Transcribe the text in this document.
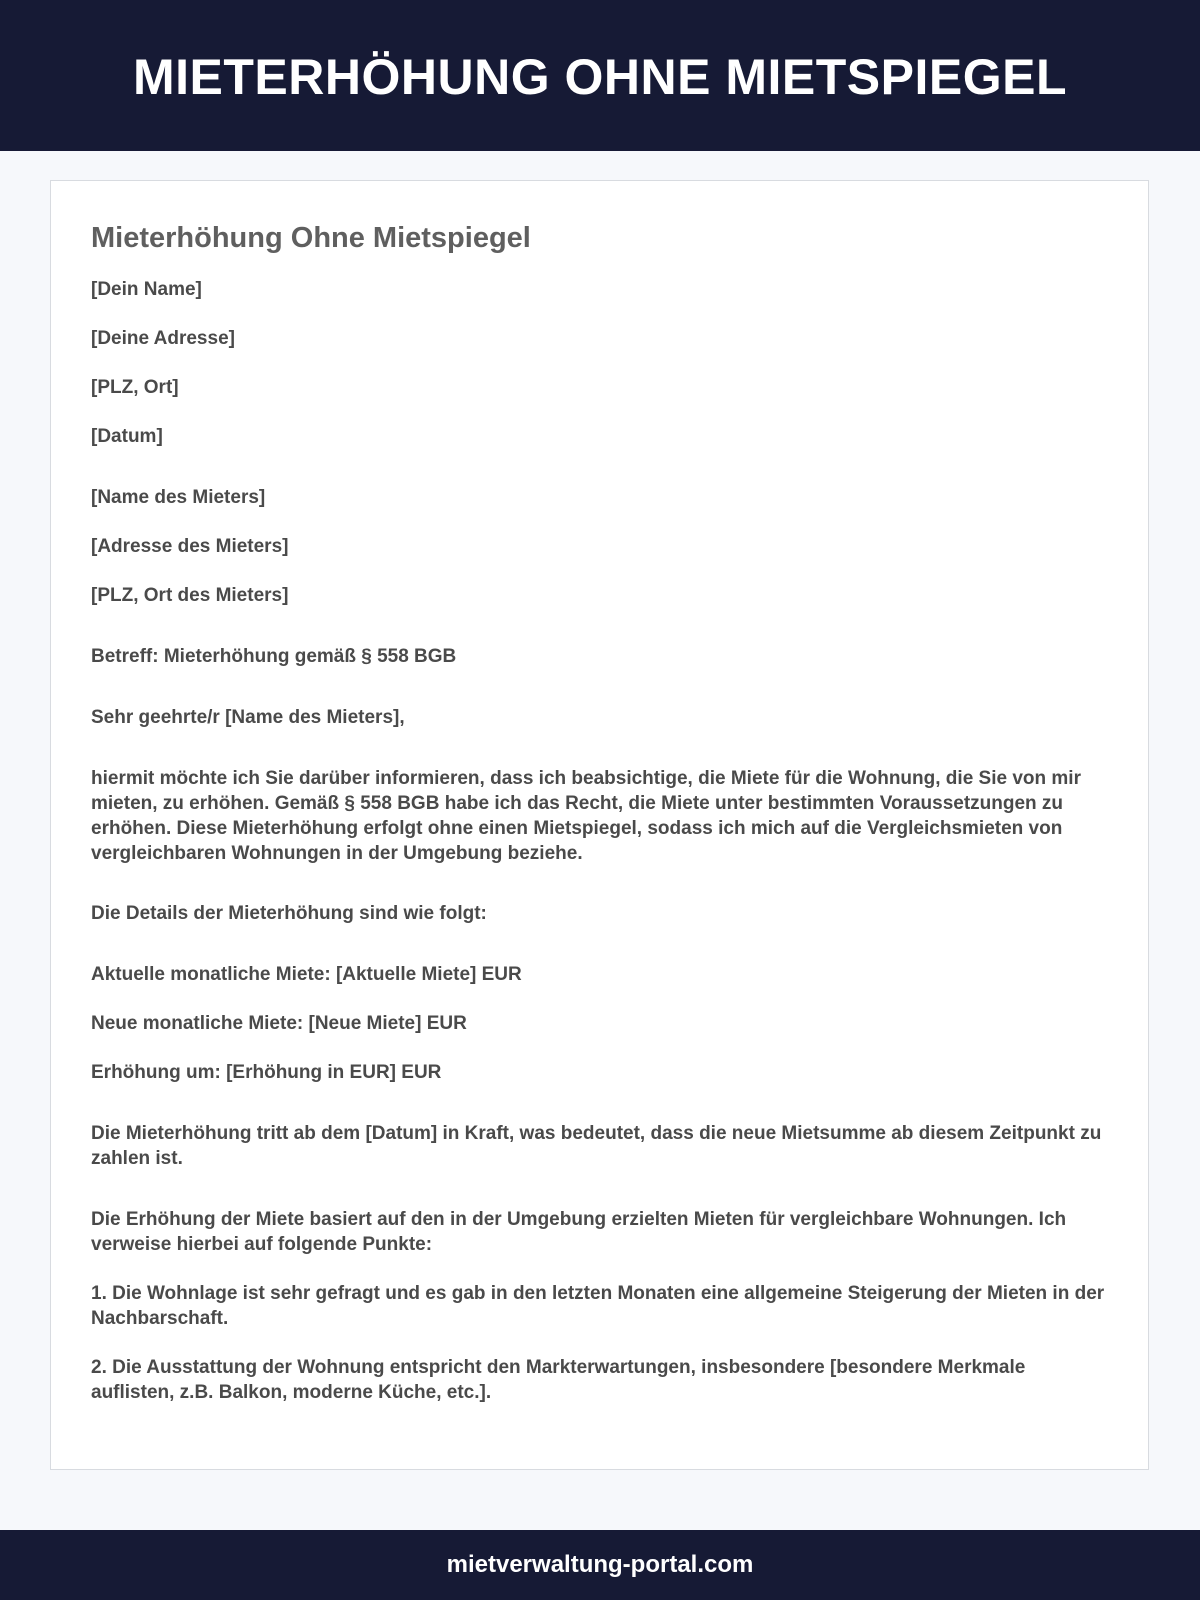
MIETERHÖHUNG OHNE MIETSPIEGEL
Mieterhöhung Ohne Mietspiegel

[Dein Name]

[Deine Adresse]

[PLZ, Ort]

[Datum]

[Name des Mieters]

[Adresse des Mieters]

[PLZ, Ort des Mieters]

Betreff: Mieterhöhung gemäß § 558 BGB

Sehr geehrte/r [Name des Mieters],

hiermit möchte ich Sie darüber informieren, dass ich beabsichtige, die Miete für die Wohnung, die Sie von mir mieten, zu erhöhen. Gemäß § 558 BGB habe ich das Recht, die Miete unter bestimmten Voraussetzungen zu erhöhen. Diese Mieterhöhung erfolgt ohne einen Mietspiegel, sodass ich mich auf die Vergleichsmieten von vergleichbaren Wohnungen in der Umgebung beziehe.

Die Details der Mieterhöhung sind wie folgt:

Aktuelle monatliche Miete: [Aktuelle Miete] EUR

Neue monatliche Miete: [Neue Miete] EUR

Erhöhung um: [Erhöhung in EUR] EUR

Die Mieterhöhung tritt ab dem [Datum] in Kraft, was bedeutet, dass die neue Mietsumme ab diesem Zeitpunkt zu zahlen ist.

Die Erhöhung der Miete basiert auf den in der Umgebung erzielten Mieten für vergleichbare Wohnungen. Ich verweise hierbei auf folgende Punkte:

1. Die Wohnlage ist sehr gefragt und es gab in den letzten Monaten eine allgemeine Steigerung der Mieten in der Nachbarschaft.

2. Die Ausstattung der Wohnung entspricht den Markterwartungen, insbesondere [besondere Merkmale auflisten, z.B. Balkon, moderne Küche, etc.].

mietverwaltung-portal.com
